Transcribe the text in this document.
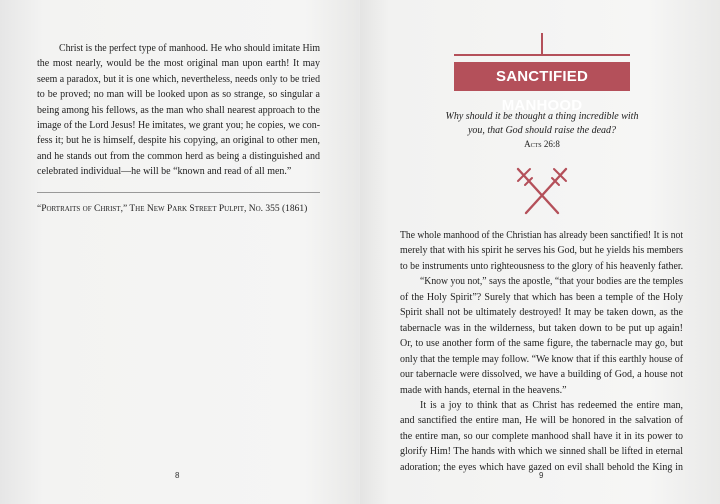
Christ is the perfect type of manhood. He who should imitate Him
the most nearly, would be the most original man upon earth! It may
seem a paradox, but it is one which, nevertheless, needs only to be tried
to be proved; no man will be looked upon as so strange, so singular a
being among his fellows, as the man who shall nearest approach to the
image of the Lord Jesus! He imitates, we grant you; he copies, we con-
fess it; but he is himself, despite his copying, an original to other men,
and he stands out from the common herd as being a distinguished and
celebrated individual—he will be “known and read of all men.”
“Portraits of Christ,” The New Park Street Pulpit, No. 355 (1861)
8
SANCTIFIED MANHOOD
Why should it be thought a thing incredible with
you, that God should raise the dead?
Acts 26:8
The whole manhood of the Christian has already been sanctified! It is not
merely that with his spirit he serves his God, but he yields his members
to be instruments unto righteousness to the glory of his heavenly father.
“Know you not,” says the apostle, “that your bodies are the temples
of the Holy Spirit”? Surely that which has been a temple of the Holy
Spirit shall not be ultimately destroyed! It may be taken down, as the
tabernacle was in the wilderness, but taken down to be put up again!
Or, to use another form of the same figure, the tabernacle may go, but
only that the temple may follow. “We know that if this earthly house of
our tabernacle were dissolved, we have a building of God, a house not
made with hands, eternal in the heavens.”
It is a joy to think that as Christ has redeemed the entire man,
and sanctified the entire man, He will be honored in the salvation of
the entire man, so our complete manhood shall have it in its power to
glorify Him! The hands with which we sinned shall be lifted in eternal
adoration; the eyes which have gazed on evil shall behold the King in
9
